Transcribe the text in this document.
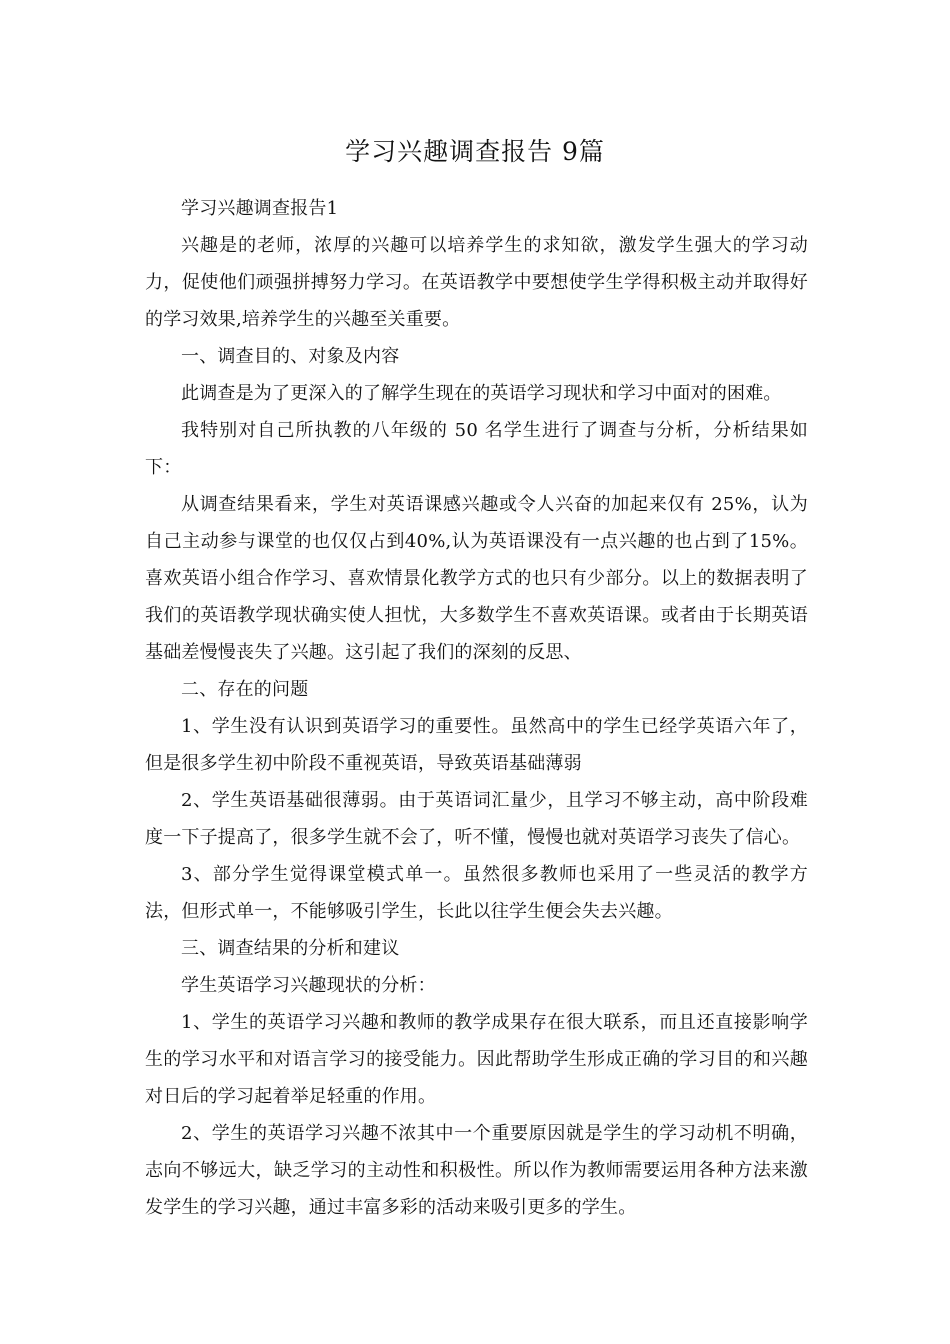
学习兴趣调查报告 9篇

学习兴趣调查报告1

兴趣是的老师，浓厚的兴趣可以培养学生的求知欲，激发学生强大的学习动力，促使他们顽强拼搏努力学习。在英语教学中要想使学生学得积极主动并取得好的学习效果,培养学生的兴趣至关重要。

一、调查目的、对象及内容

此调查是为了更深入的了解学生现在的英语学习现状和学习中面对的困难。

我特别对自己所执教的八年级的 50 名学生进行了调查与分析，分析结果如下：

从调查结果看来，学生对英语课感兴趣或令人兴奋的加起来仅有 25%，认为自己主动参与课堂的也仅仅占到40%,认为英语课没有一点兴趣的也占到了15%。喜欢英语小组合作学习、喜欢情景化教学方式的也只有少部分。以上的数据表明了我们的英语教学现状确实使人担忧，大多数学生不喜欢英语课。或者由于长期英语基础差慢慢丧失了兴趣。这引起了我们的深刻的反思、

二、存在的问题

1、学生没有认识到英语学习的重要性。虽然高中的学生已经学英语六年了，但是很多学生初中阶段不重视英语，导致英语基础薄弱

2、学生英语基础很薄弱。由于英语词汇量少，且学习不够主动，高中阶段难度一下子提高了，很多学生就不会了，听不懂，慢慢也就对英语学习丧失了信心。

3、部分学生觉得课堂模式单一。虽然很多教师也采用了一些灵活的教学方法，但形式单一，不能够吸引学生，长此以往学生便会失去兴趣。

三、调查结果的分析和建议

学生英语学习兴趣现状的分析：

1、学生的英语学习兴趣和教师的教学成果存在很大联系，而且还直接影响学生的学习水平和对语言学习的接受能力。因此帮助学生形成正确的学习目的和兴趣对日后的学习起着举足轻重的作用。

2、学生的英语学习兴趣不浓其中一个重要原因就是学生的学习动机不明确，志向不够远大，缺乏学习的主动性和积极性。所以作为教师需要运用各种方法来激发学生的学习兴趣，通过丰富多彩的活动来吸引更多的学生。
